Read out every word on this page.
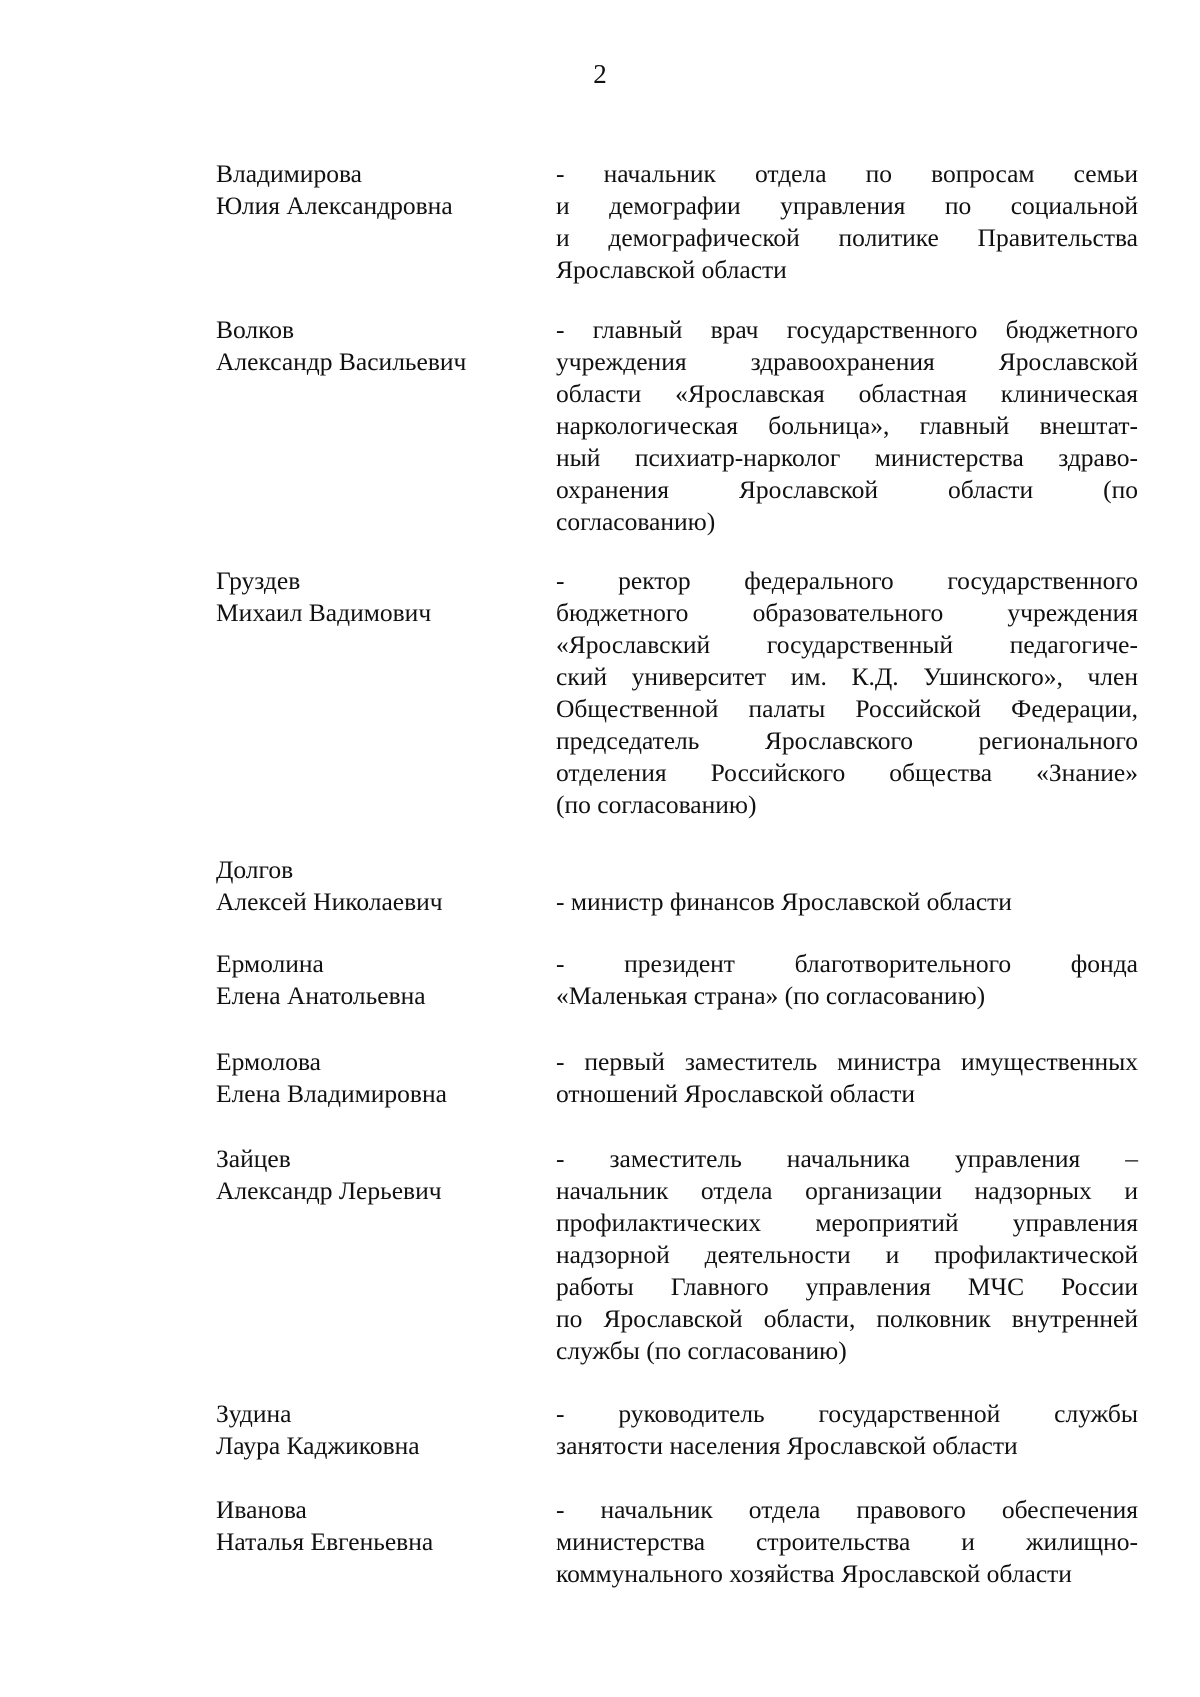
2
Владимирова
Юлия Александровна
- начальник отдела по вопросам семьи
и демографии управления по социальной
и демографической политике Правительства
Ярославской области
Волков
Александр Васильевич
- главный врач государственного бюджетного
учреждения здравоохранения Ярославской
области «Ярославская областная клиническая
наркологическая больница», главный внештат-
ный психиатр-нарколог министерства здраво-
охранения Ярославской области (по
согласованию)
Груздев
Михаил Вадимович
- ректор федерального государственного
бюджетного образовательного учреждения
«Ярославский государственный педагогиче-
ский университет им. К.Д. Ушинского», член
Общественной палаты Российской Федерации,
председатель Ярославского регионального
отделения Российского общества «Знание»
(по согласованию)
Долгов
Алексей Николаевич	- министр финансов Ярославской области
Ермолина
Елена Анатольевна
- президент благотворительного фонда
«Маленькая страна» (по согласованию)
Ермолова
Елена Владимировна
- первый заместитель министра имущественных
отношений Ярославской области
Зайцев
Александр Лерьевич
- заместитель начальника управления –
начальник отдела организации надзорных и
профилактических мероприятий управления
надзорной деятельности и профилактической
работы Главного управления МЧС России
по Ярославской области, полковник внутренней
службы (по согласованию)
Зудина
Лаура Каджиковна
- руководитель государственной службы
занятости населения Ярославской области
Иванова
Наталья Евгеньевна
- начальник отдела правового обеспечения
министерства строительства и жилищно-
коммунального хозяйства Ярославской области
